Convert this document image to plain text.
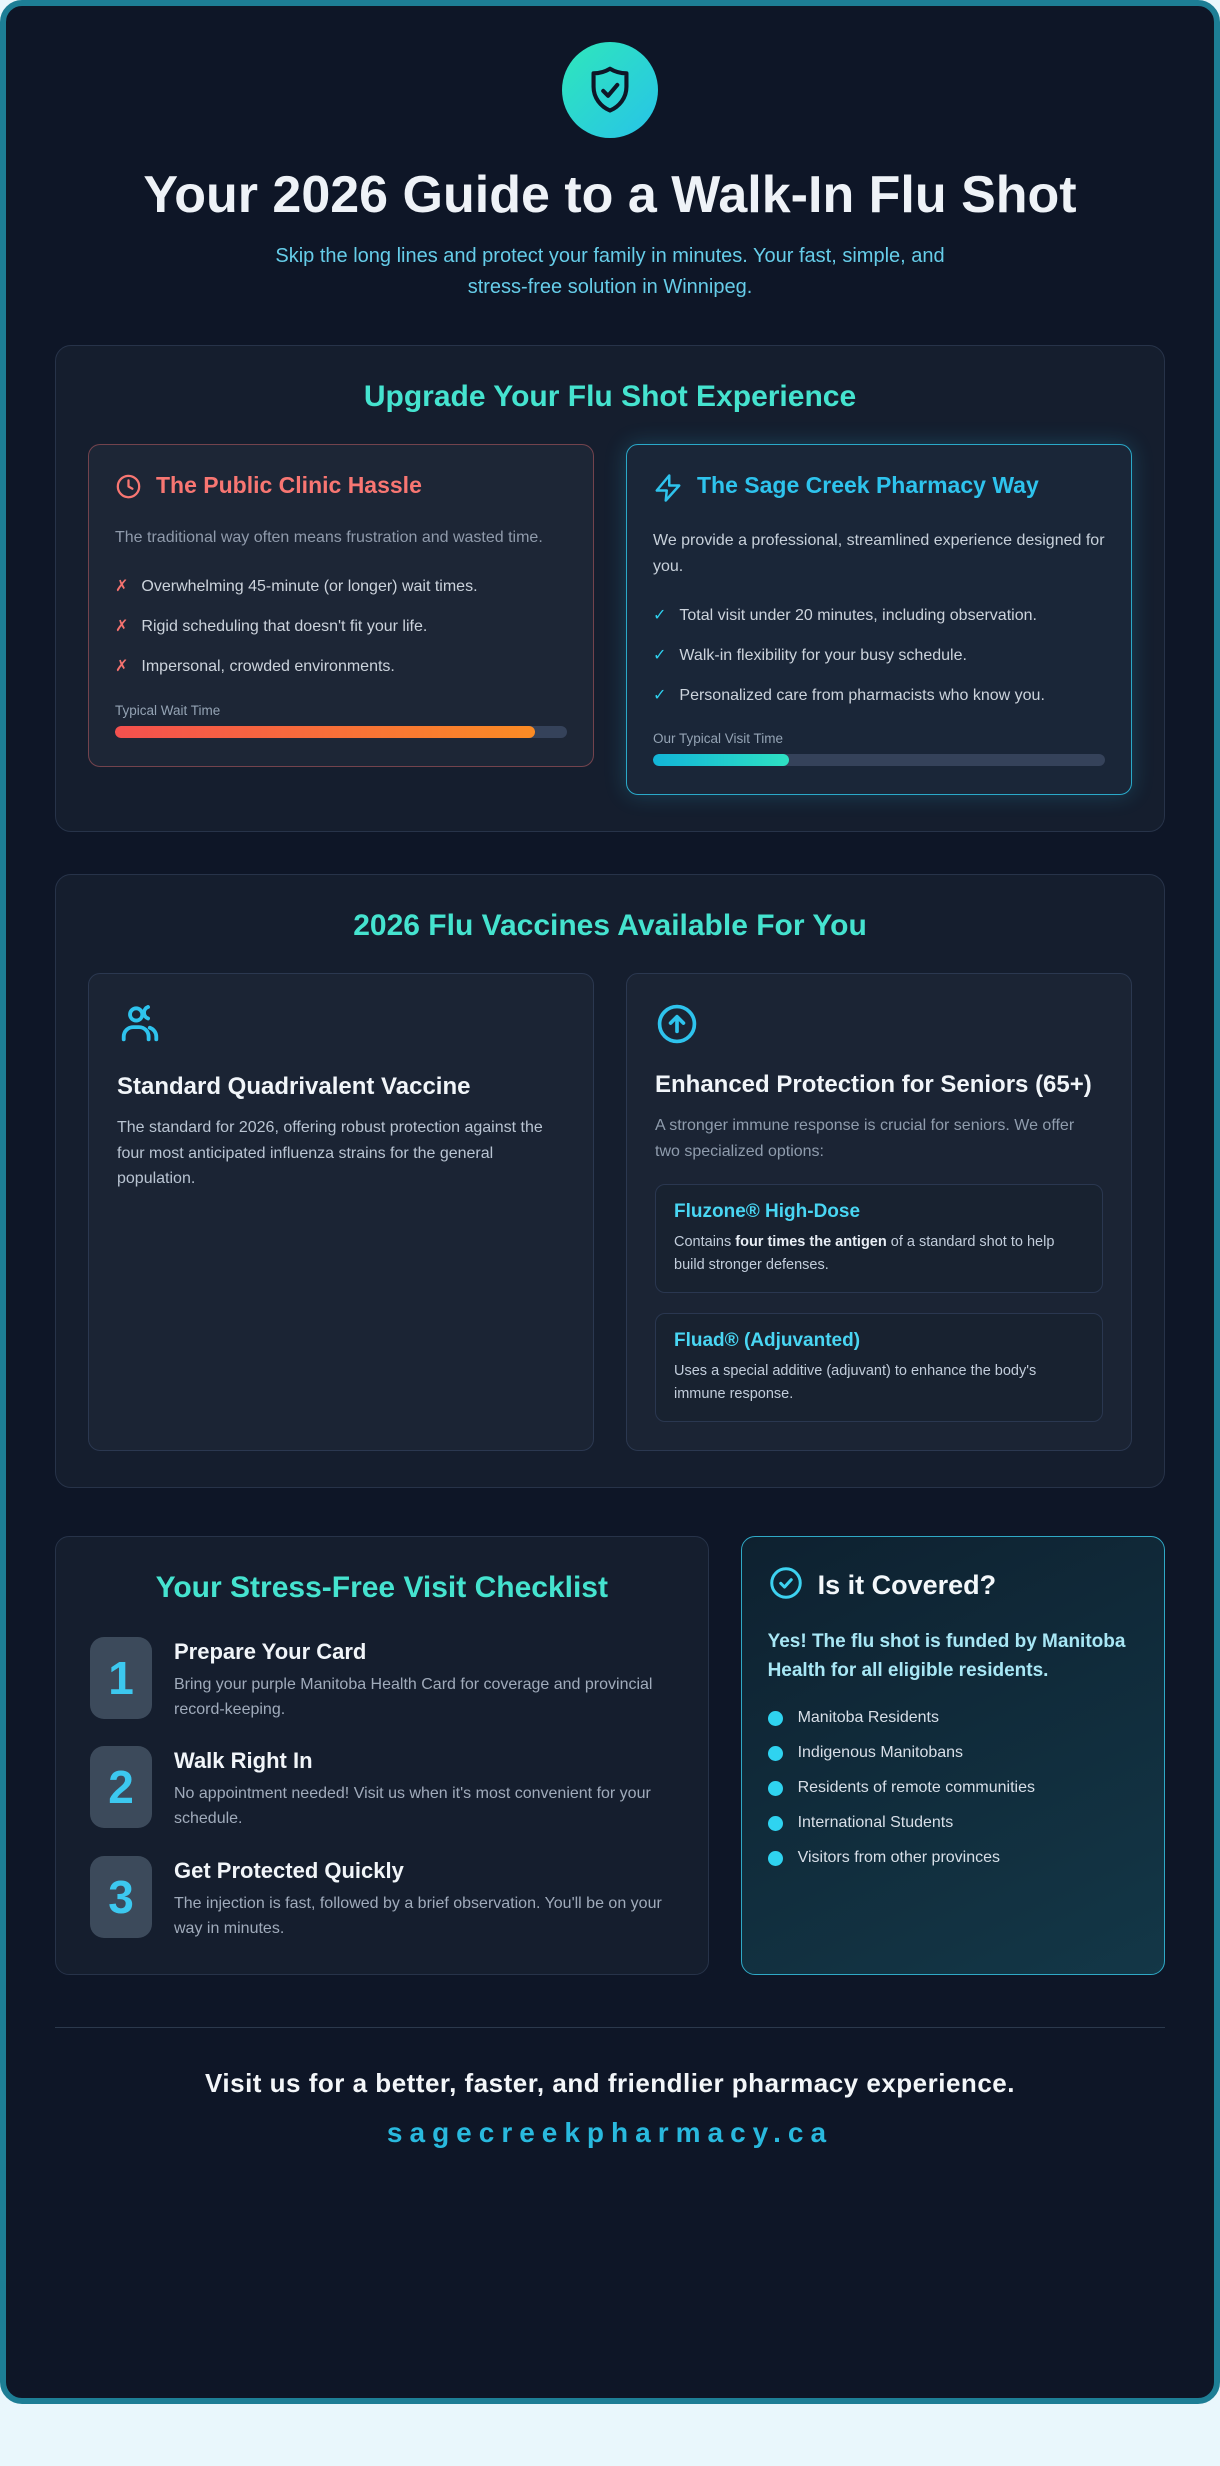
Your 2026 Guide to a Walk-In Flu Shot

Skip the long lines and protect your family in minutes. Your fast, simple, and stress-free solution in Winnipeg.

Upgrade Your Flu Shot Experience
The Public Clinic Hassle

The traditional way often means frustration and wasted time.

✗ Overwhelming 45-minute (or longer) wait times.
✗ Rigid scheduling that doesn't fit your life.
✗ Impersonal, crowded environments.
Typical Wait Time
The Sage Creek Pharmacy Way

We provide a professional, streamlined experience designed for you.

✓ Total visit under 20 minutes, including observation.
✓ Walk-in flexibility for your busy schedule.
✓ Personalized care from pharmacists who know you.
Our Typical Visit Time
2026 Flu Vaccines Available For You
Standard Quadrivalent Vaccine

The standard for 2026, offering robust protection against the four most anticipated influenza strains for the general population.

Enhanced Protection for Seniors (65+)

A stronger immune response is crucial for seniors. We offer two specialized options:

Fluzone® High-Dose

Contains four times the antigen of a standard shot to help build stronger defenses.

Fluad® (Adjuvanted)

Uses a special additive (adjuvant) to enhance the body's immune response.

Your Stress-Free Visit Checklist
1
Prepare Your Card

Bring your purple Manitoba Health Card for coverage and provincial record-keeping.

2
Walk Right In

No appointment needed! Visit us when it's most convenient for your schedule.

3
Get Protected Quickly

The injection is fast, followed by a brief observation. You'll be on your way in minutes.

Is it Covered?

Yes! The flu shot is funded by Manitoba Health for all eligible residents.

Manitoba Residents
Indigenous Manitobans
Residents of remote communities
International Students
Visitors from other provinces
Visit us for a better, faster, and friendlier pharmacy experience.
sagecreekpharmacy.ca
